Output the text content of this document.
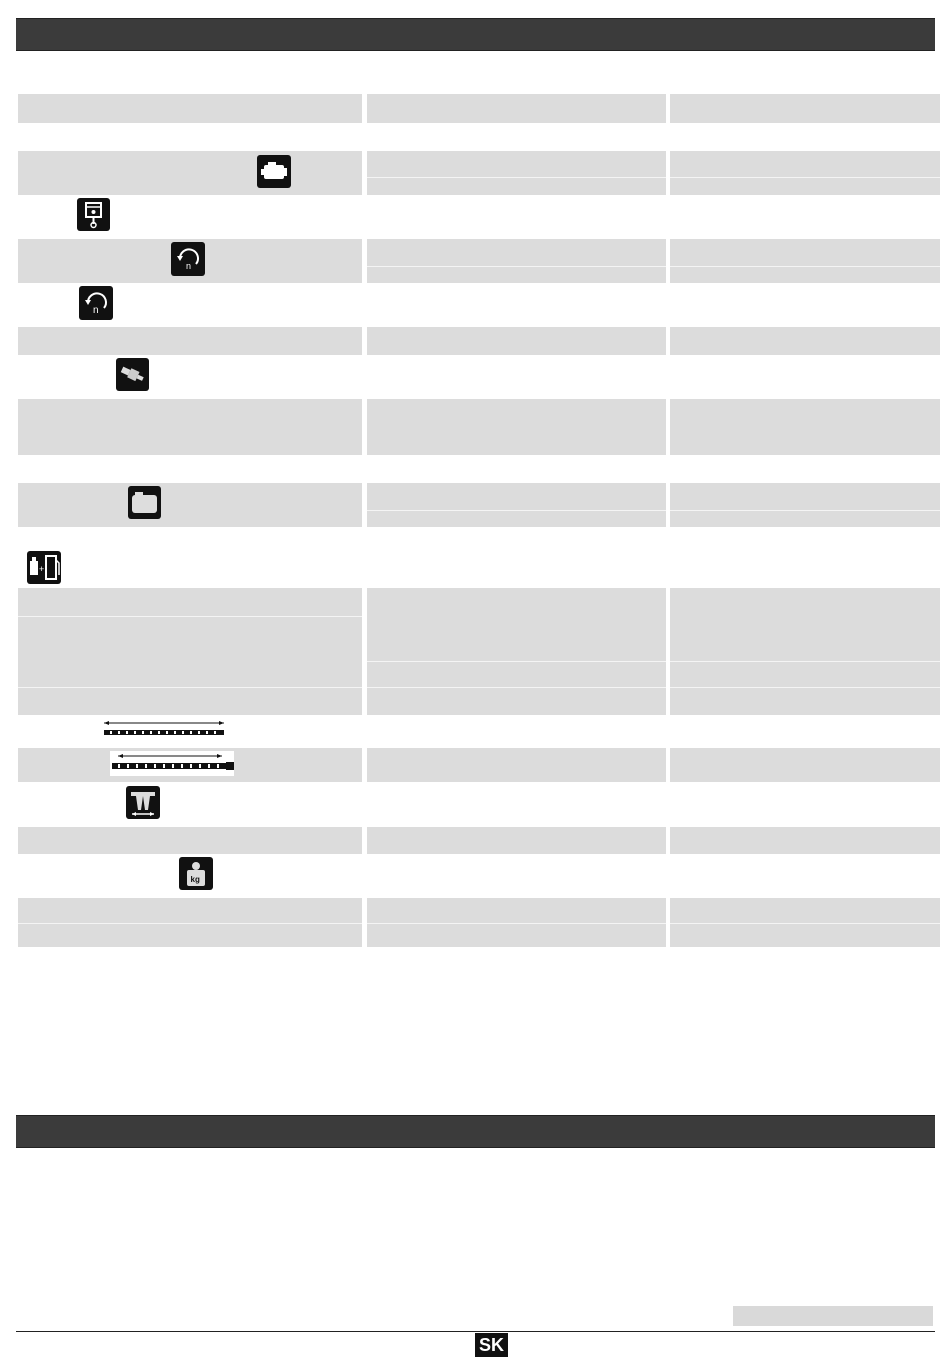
n
n
+
kg
SK
